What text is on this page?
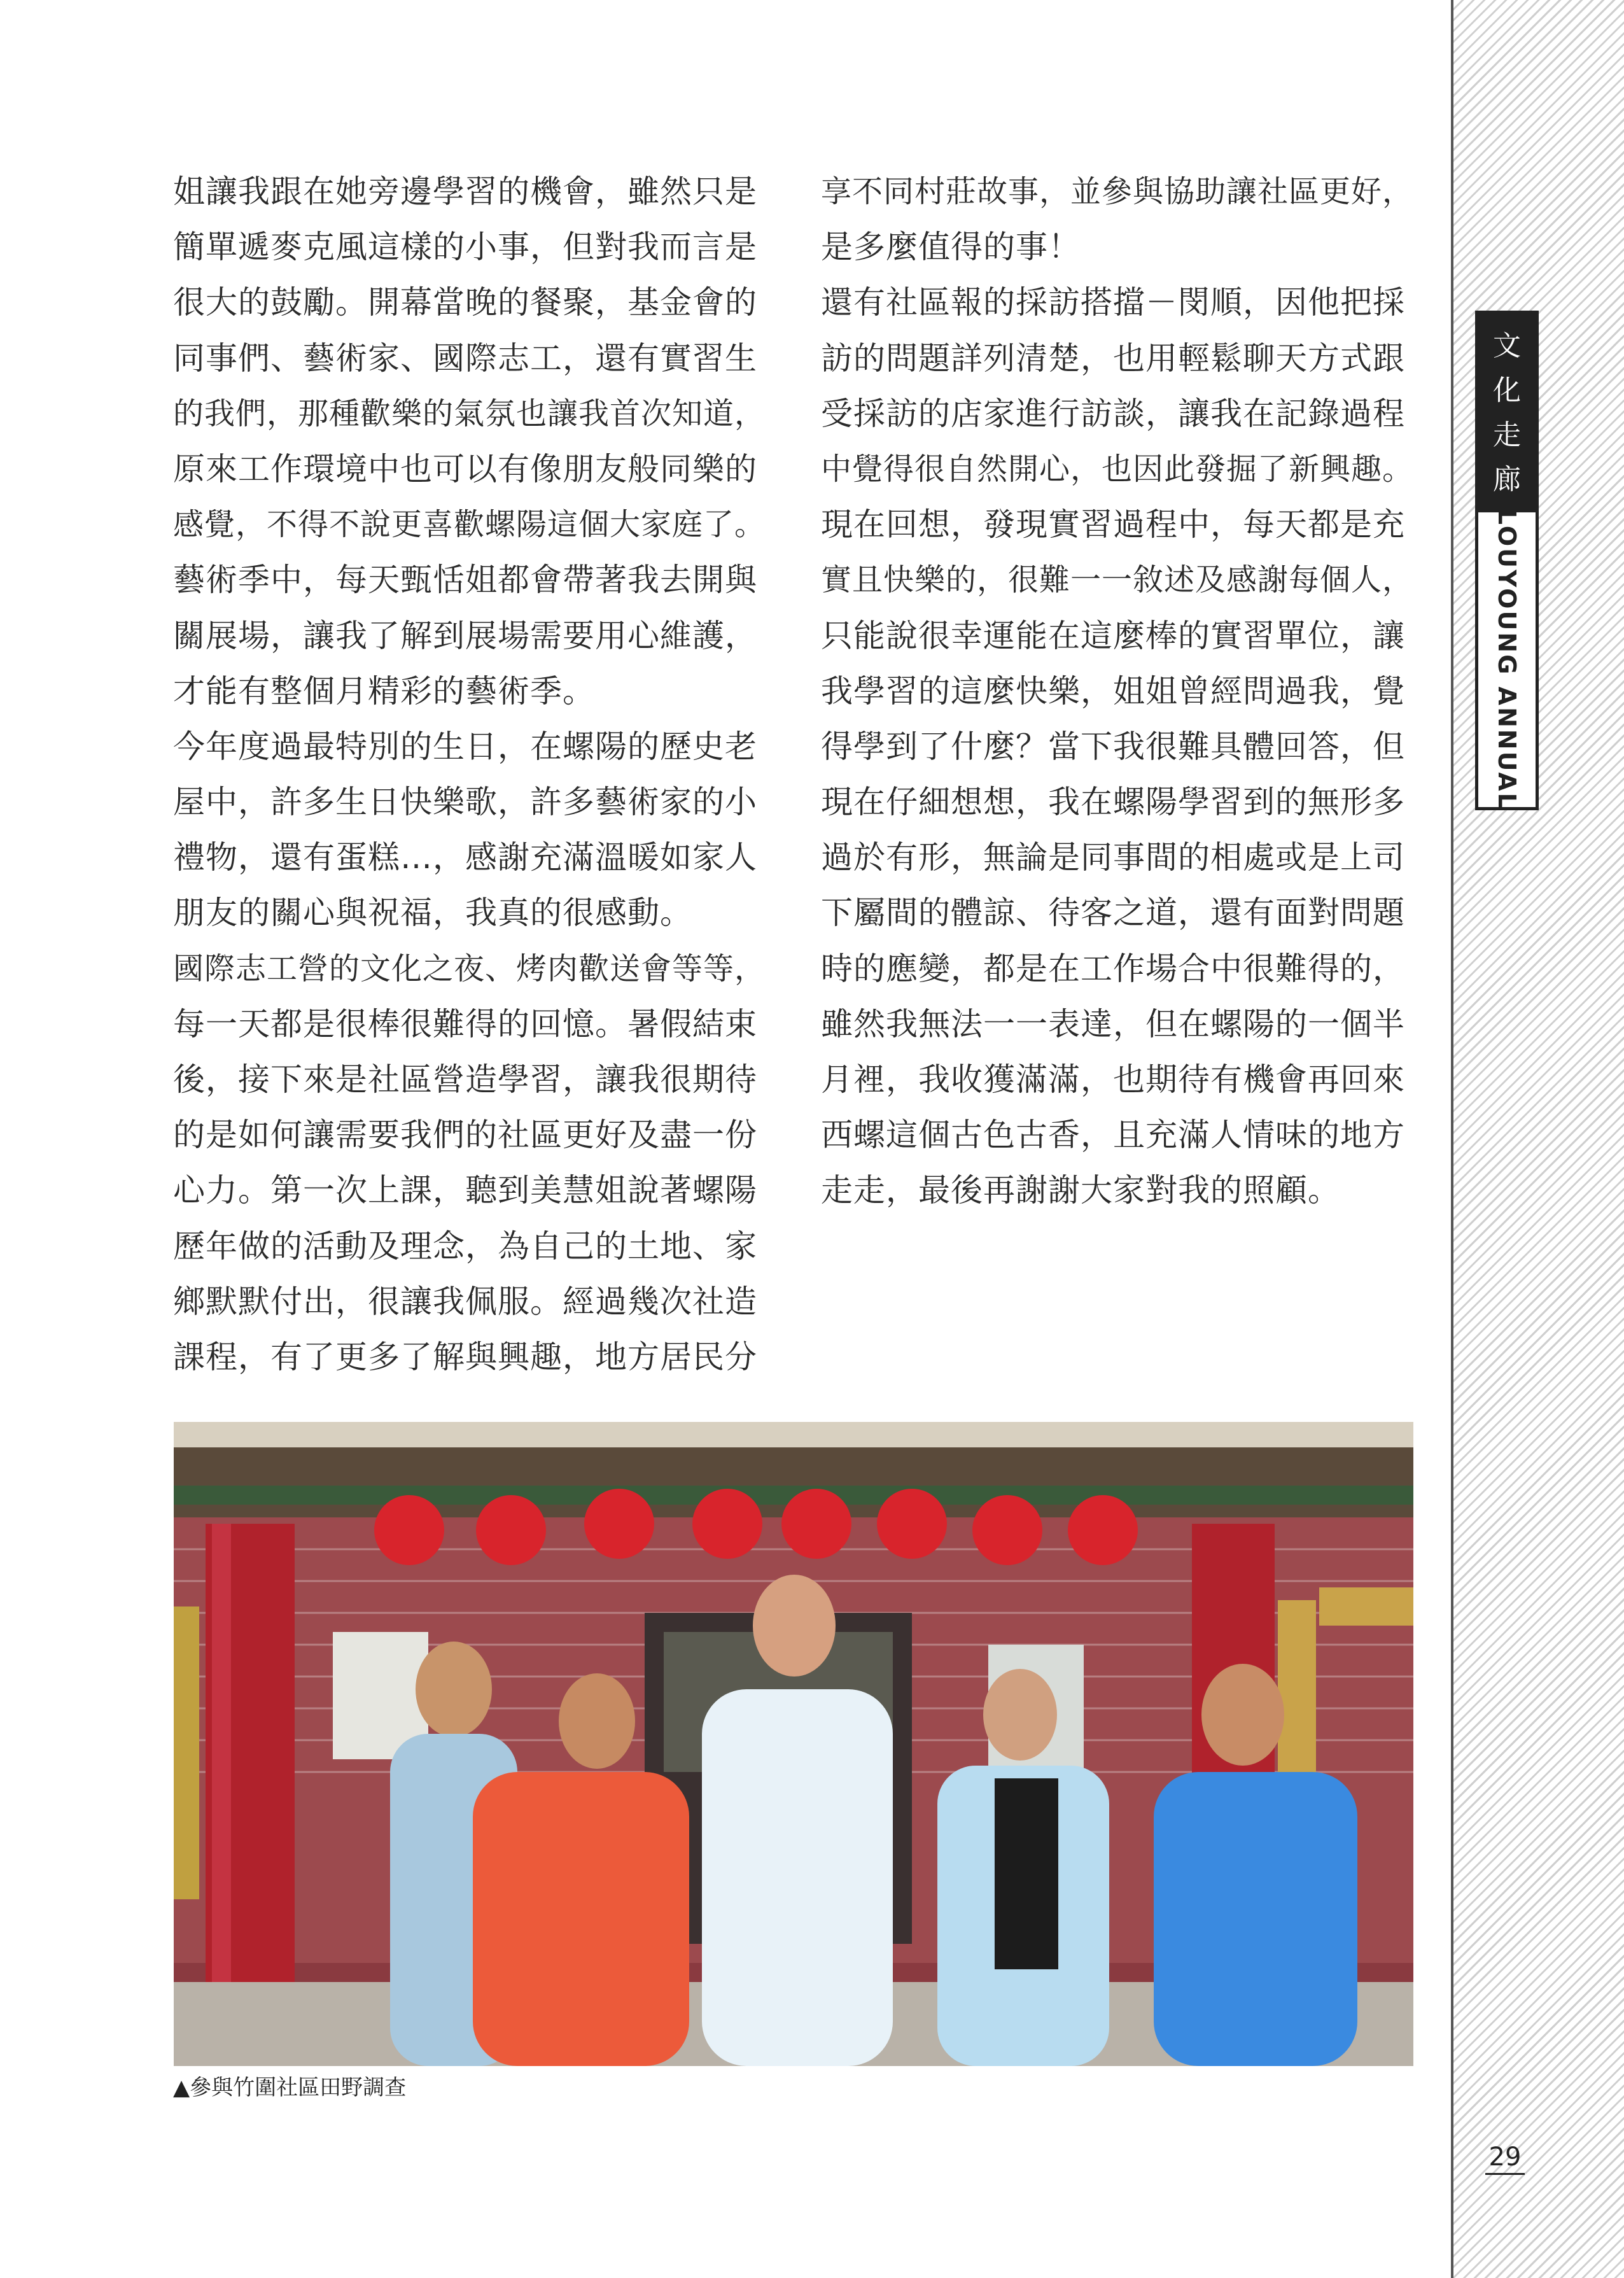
姐讓我跟在她旁邊學習的機會，雖然只是

簡單遞麥克風這樣的小事，但對我而言是

很大的鼓勵。開幕當晚的餐聚，基金會的

同事們、藝術家、國際志工，還有實習生

的我們，那種歡樂的氣氛也讓我首次知道，

原來工作環境中也可以有像朋友般同樂的

感覺，不得不說更喜歡螺陽這個大家庭了。

藝術季中，每天甄恬姐都會帶著我去開與

關展場，讓我了解到展場需要用心維護，

才能有整個月精彩的藝術季。

今年度過最特別的生日，在螺陽的歷史老

屋中，許多生日快樂歌，許多藝術家的小

禮物，還有蛋糕…，感謝充滿溫暖如家人

朋友的關心與祝福，我真的很感動。

國際志工營的文化之夜、烤肉歡送會等等，

每一天都是很棒很難得的回憶。暑假結束

後，接下來是社區營造學習，讓我很期待

的是如何讓需要我們的社區更好及盡一份

心力。第一次上課，聽到美慧姐說著螺陽

歷年做的活動及理念，為自己的土地、家

鄉默默付出，很讓我佩服。經過幾次社造

課程，有了更多了解與興趣，地方居民分

享不同村莊故事，並參與協助讓社區更好，

是多麼值得的事！

還有社區報的採訪搭擋－閔順，因他把採

訪的問題詳列清楚，也用輕鬆聊天方式跟

受採訪的店家進行訪談，讓我在記錄過程

中覺得很自然開心，也因此發掘了新興趣。

現在回想，發現實習過程中，每天都是充

實且快樂的，很難一一敘述及感謝每個人，

只能說很幸運能在這麼棒的實習單位，讓

我學習的這麼快樂，姐姐曾經問過我，覺

得學到了什麼？當下我很難具體回答，但

現在仔細想想，我在螺陽學習到的無形多

過於有形，無論是同事間的相處或是上司

下屬間的體諒、待客之道，還有面對問題

時的應變，都是在工作場合中很難得的，

雖然我無法一一表達，但在螺陽的一個半

月裡，我收獲滿滿，也期待有機會再回來

西螺這個古色古香，且充滿人情味的地方

走走，最後再謝謝大家對我的照顧。

文
化
走
廊
LOUYOUNG ANNUAL
▲參與竹圍社區田野調查
29
